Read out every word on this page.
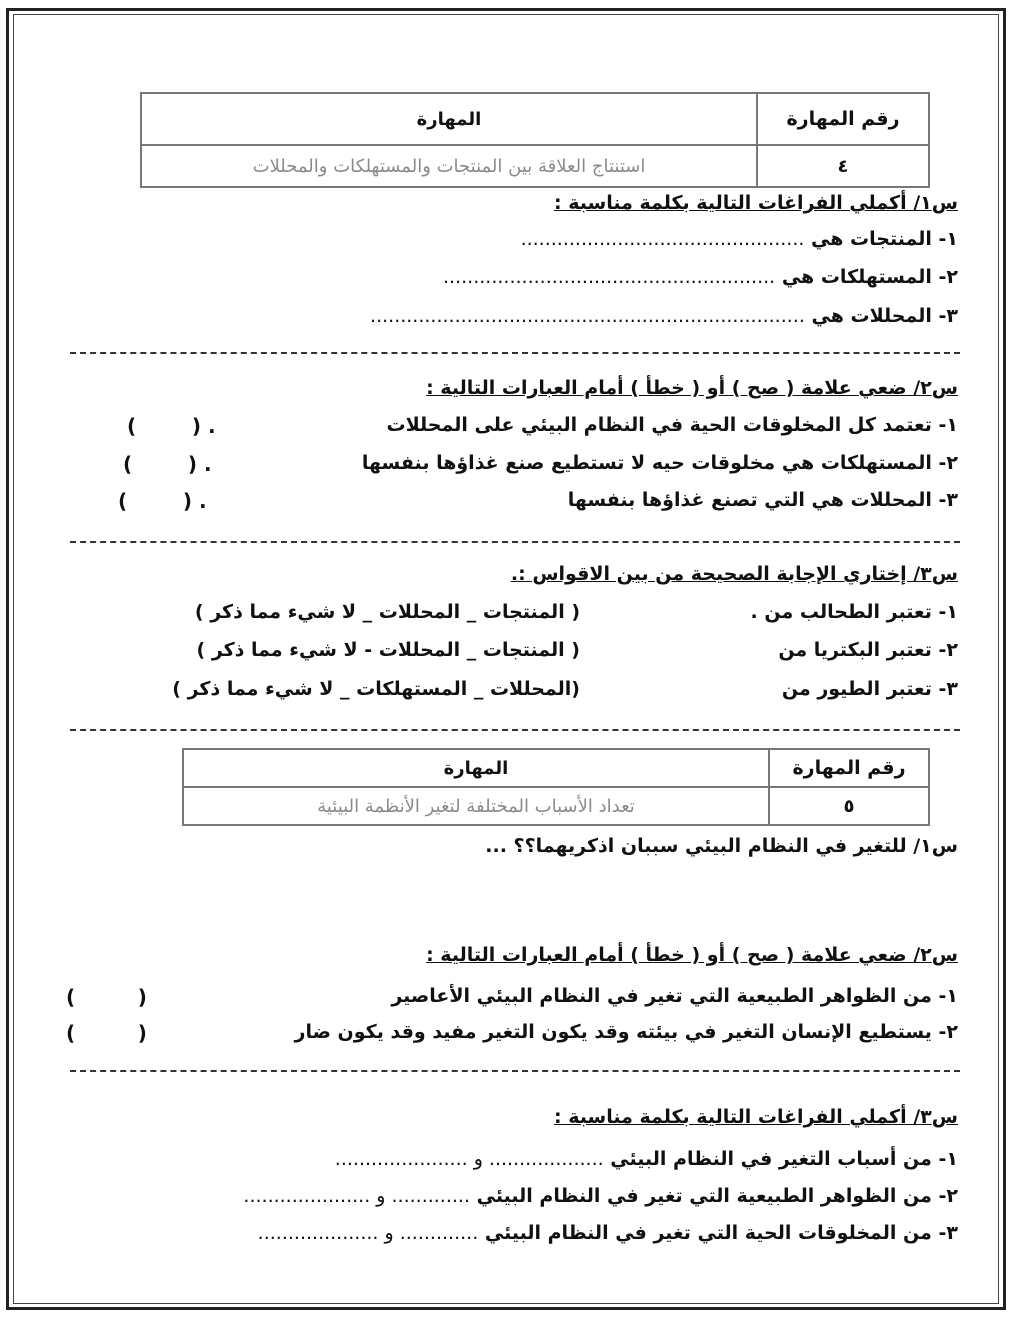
رقم المهارة	المهارة
٤	استنتاج العلاقة بين المنتجات والمستهلكات والمحللات
س١/ أكملي الفراغات التالية بكلمة مناسبة :
١- المنتجات هي ...............................................
٢- المستهلكات هي .......................................................
٣- المحللات هي ........................................................................
س٢/ ضعي علامة ( صح ) أو ( خطأ ) أمام العبارات التالية :
١- تعتمد كل المخلوقات الحية في النظام البيئي على المحللات
(        ) .
٢- المستهلكات هي مخلوقات حيه لا تستطيع صنع غذاؤها بنفسها
(        ) .
٣- المحللات هي التي تصنع غذاؤها بنفسها
(        ) .
س٣/ إختاري الإجابة الصحيحة من بين الاقواس :.
١- تعتبر الطحالب من .
( المنتجات _ المحللات _ لا شيء مما ذكر )
٢- تعتبر البكتريا من
( المنتجات _ المحللات - لا شيء مما ذكر )
٣- تعتبر الطيور من
(المحللات _ المستهلكات _ لا شيء مما ذكر )
رقم المهارة	المهارة
٥	تعداد الأسباب المختلفة لتغير الأنظمة البيئية
س١/ للتغير في النظام البيئي سببان اذكريهما؟؟ ...
س٢/ ضعي علامة ( صح ) أو ( خطأ ) أمام العبارات التالية :
١- من الظواهر الطبيعية التي تغير في النظام البيئي الأعاصير
(         )
٢- يستطيع الإنسان التغير في بيئته وقد يكون التغير مفيد وقد يكون ضار
(         )
س٣/ أكملي الفراغات التالية بكلمة مناسبة :
١- من أسباب التغير في النظام البيئي ................... و ......................
٢- من الظواهر الطبيعية التي تغير في النظام البيئي ............. و .....................
٣- من المخلوقات الحية التي تغير في النظام البيئي ............. و ....................
